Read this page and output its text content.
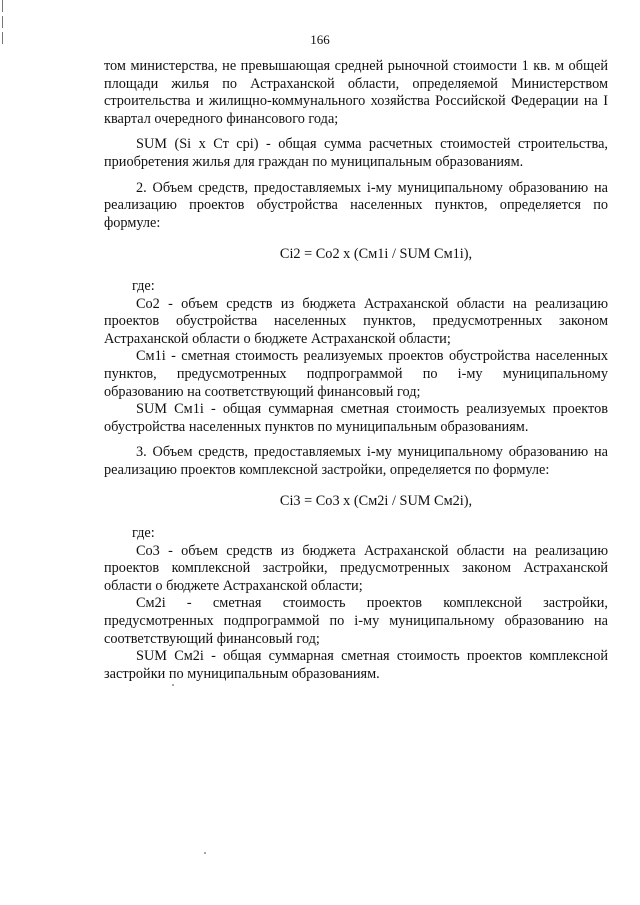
166

том министерства, не превышающая средней рыночной стоимости 1 кв. м общей площади жилья по Астраханской области, определяемой Министерством строительства и жилищно-коммунального хозяйства Российской Федерации на I квартал очередного финансового года;

SUM (Si x Ст срi) - общая сумма расчетных стоимостей строительства, приобретения жилья для граждан по муниципальным образованиям.

2. Объем средств, предоставляемых i-му муниципальному образованию на реализацию проектов обустройства населенных пунктов, определяется по формуле:

Ci2 = Co2 x (Cм1i / SUM Cм1i),

где:

Co2 - объем средств из бюджета Астраханской области на реализацию проектов обустройства населенных пунктов, предусмотренных законом Астраханской области о бюджете Астраханской области;

Cм1i - сметная стоимость реализуемых проектов обустройства населенных пунктов, предусмотренных подпрограммой по i-му муниципальному образованию на соответствующий финансовый год;

SUM Cм1i - общая суммарная сметная стоимость реализуемых проектов обустройства населенных пунктов по муниципальным образованиям.

3. Объем средств, предоставляемых i-му муниципальному образованию на реализацию проектов комплексной застройки, определяется по формуле:

Ci3 = Co3 x (Cм2i / SUM Cм2i),

где:

Co3 - объем средств из бюджета Астраханской области на реализацию проектов комплексной застройки, предусмотренных законом Астраханской области о бюджете Астраханской области;

Cм2i - сметная стоимость проектов комплексной застройки, предусмотренных подпрограммой по i-му муниципальному образованию на соответствующий финансовый год;

SUM Cм2i - общая суммарная сметная стоимость проектов комплексной застройки по муниципальным образованиям.
